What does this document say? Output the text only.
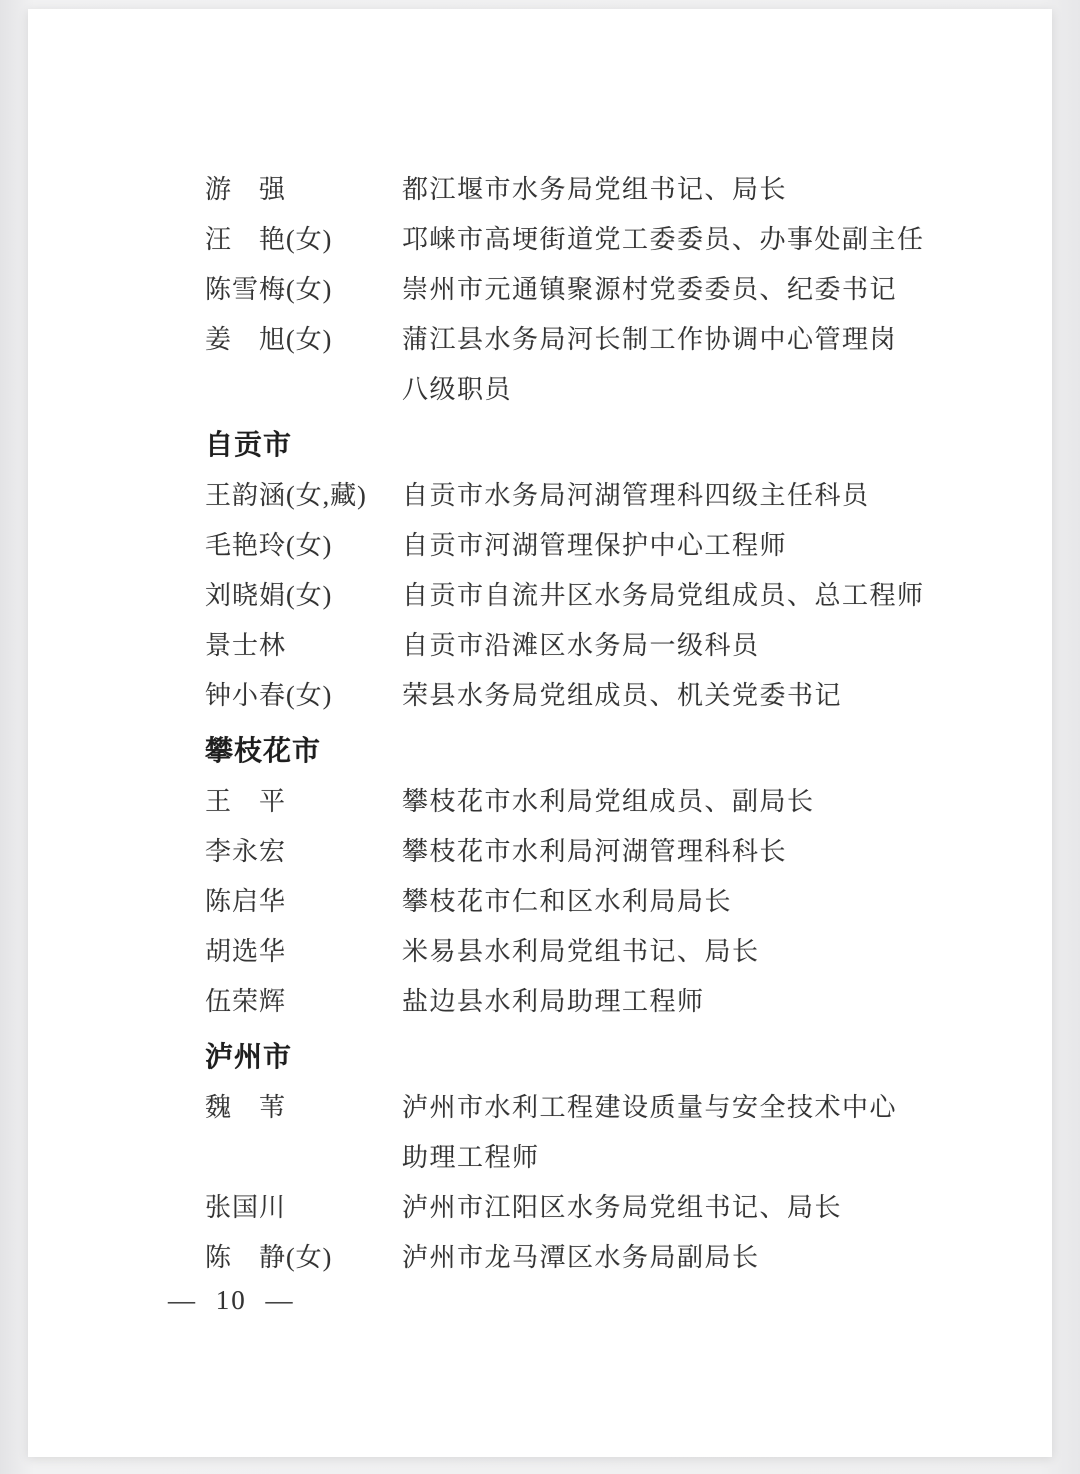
游　强	都江堰市水务局党组书记、局长
汪　艳(女)	邛崃市高埂街道党工委委员、办事处副主任
陈雪梅(女)	崇州市元通镇聚源村党委委员、纪委书记
姜　旭(女)	蒲江县水务局河长制工作协调中心管理岗
八级职员
自贡市
王韵涵(女,藏)	自贡市水务局河湖管理科四级主任科员
毛艳玲(女)	自贡市河湖管理保护中心工程师
刘晓娟(女)	自贡市自流井区水务局党组成员、总工程师
景士林	自贡市沿滩区水务局一级科员
钟小春(女)	荣县水务局党组成员、机关党委书记
攀枝花市
王　平	攀枝花市水利局党组成员、副局长
李永宏	攀枝花市水利局河湖管理科科长
陈启华	攀枝花市仁和区水利局局长
胡选华	米易县水利局党组书记、局长
伍荣辉	盐边县水利局助理工程师
泸州市
魏　苇	泸州市水利工程建设质量与安全技术中心
助理工程师
张国川	泸州市江阳区水务局党组书记、局长
陈　静(女)	泸州市龙马潭区水务局副局长
— 10 —
